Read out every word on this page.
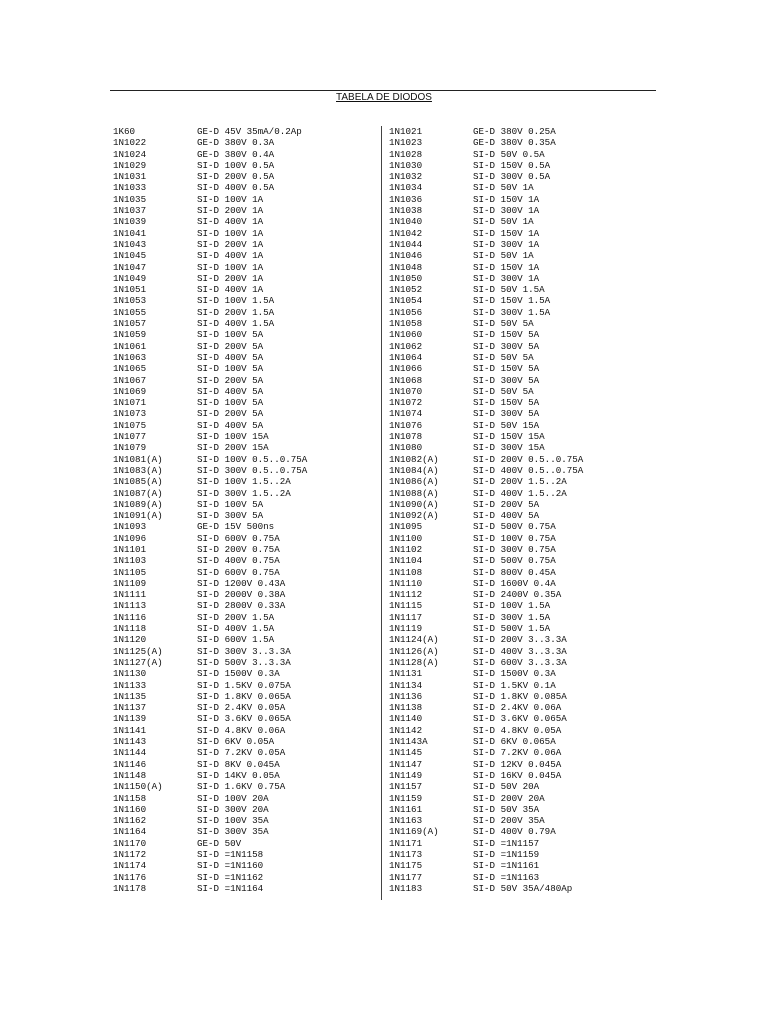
TABELA DE DIODOS
1K60	GE-D 45V 35mA/0.2Ap
1N1022	GE-D 380V 0.3A
1N1024	GE-D 380V 0.4A
1N1029	SI-D 100V 0.5A
1N1031	SI-D 200V 0.5A
1N1033	SI-D 400V 0.5A
1N1035	SI-D 100V 1A
1N1037	SI-D 200V 1A
1N1039	SI-D 400V 1A
1N1041	SI-D 100V 1A
1N1043	SI-D 200V 1A
1N1045	SI-D 400V 1A
1N1047	SI-D 100V 1A
1N1049	SI-D 200V 1A
1N1051	SI-D 400V 1A
1N1053	SI-D 100V 1.5A
1N1055	SI-D 200V 1.5A
1N1057	SI-D 400V 1.5A
1N1059	SI-D 100V 5A
1N1061	SI-D 200V 5A
1N1063	SI-D 400V 5A
1N1065	SI-D 100V 5A
1N1067	SI-D 200V 5A
1N1069	SI-D 400V 5A
1N1071	SI-D 100V 5A
1N1073	SI-D 200V 5A
1N1075	SI-D 400V 5A
1N1077	SI-D 100V 15A
1N1079	SI-D 200V 15A
1N1081(A)	SI-D 100V 0.5..0.75A
1N1083(A)	SI-D 300V 0.5..0.75A
1N1085(A)	SI-D 100V 1.5..2A
1N1087(A)	SI-D 300V 1.5..2A
1N1089(A)	SI-D 100V 5A
1N1091(A)	SI-D 300V 5A
1N1093	GE-D 15V 500ns
1N1096	SI-D 600V 0.75A
1N1101	SI-D 200V 0.75A
1N1103	SI-D 400V 0.75A
1N1105	SI-D 600V 0.75A
1N1109	SI-D 1200V 0.43A
1N1111	SI-D 2000V 0.38A
1N1113	SI-D 2800V 0.33A
1N1116	SI-D 200V 1.5A
1N1118	SI-D 400V 1.5A
1N1120	SI-D 600V 1.5A
1N1125(A)	SI-D 300V 3..3.3A
1N1127(A)	SI-D 500V 3..3.3A
1N1130	SI-D 1500V 0.3A
1N1133	SI-D 1.5KV 0.075A
1N1135	SI-D 1.8KV 0.065A
1N1137	SI-D 2.4KV 0.05A
1N1139	SI-D 3.6KV 0.065A
1N1141	SI-D 4.8KV 0.06A
1N1143	SI-D 6KV 0.05A
1N1144	SI-D 7.2KV 0.05A
1N1146	SI-D 8KV 0.045A
1N1148	SI-D 14KV 0.05A
1N1150(A)	SI-D 1.6KV 0.75A
1N1158	SI-D 100V 20A
1N1160	SI-D 300V 20A
1N1162	SI-D 100V 35A
1N1164	SI-D 300V 35A
1N1170	GE-D 50V
1N1172	SI-D =1N1158
1N1174	SI-D =1N1160
1N1176	SI-D =1N1162
1N1178	SI-D =1N1164
1N1021	GE-D 380V 0.25A
1N1023	GE-D 380V 0.35A
1N1028	SI-D 50V 0.5A
1N1030	SI-D 150V 0.5A
1N1032	SI-D 300V 0.5A
1N1034	SI-D 50V 1A
1N1036	SI-D 150V 1A
1N1038	SI-D 300V 1A
1N1040	SI-D 50V 1A
1N1042	SI-D 150V 1A
1N1044	SI-D 300V 1A
1N1046	SI-D 50V 1A
1N1048	SI-D 150V 1A
1N1050	SI-D 300V 1A
1N1052	SI-D 50V 1.5A
1N1054	SI-D 150V 1.5A
1N1056	SI-D 300V 1.5A
1N1058	SI-D 50V 5A
1N1060	SI-D 150V 5A
1N1062	SI-D 300V 5A
1N1064	SI-D 50V 5A
1N1066	SI-D 150V 5A
1N1068	SI-D 300V 5A
1N1070	SI-D 50V 5A
1N1072	SI-D 150V 5A
1N1074	SI-D 300V 5A
1N1076	SI-D 50V 15A
1N1078	SI-D 150V 15A
1N1080	SI-D 300V 15A
1N1082(A)	SI-D 200V 0.5..0.75A
1N1084(A)	SI-D 400V 0.5..0.75A
1N1086(A)	SI-D 200V 1.5..2A
1N1088(A)	SI-D 400V 1.5..2A
1N1090(A)	SI-D 200V 5A
1N1092(A)	SI-D 400V 5A
1N1095	SI-D 500V 0.75A
1N1100	SI-D 100V 0.75A
1N1102	SI-D 300V 0.75A
1N1104	SI-D 500V 0.75A
1N1108	SI-D 800V 0.45A
1N1110	SI-D 1600V 0.4A
1N1112	SI-D 2400V 0.35A
1N1115	SI-D 100V 1.5A
1N1117	SI-D 300V 1.5A
1N1119	SI-D 500V 1.5A
1N1124(A)	SI-D 200V 3..3.3A
1N1126(A)	SI-D 400V 3..3.3A
1N1128(A)	SI-D 600V 3..3.3A
1N1131	SI-D 1500V 0.3A
1N1134	SI-D 1.5KV 0.1A
1N1136	SI-D 1.8KV 0.085A
1N1138	SI-D 2.4KV 0.06A
1N1140	SI-D 3.6KV 0.065A
1N1142	SI-D 4.8KV 0.05A
1N1143A	SI-D 6KV 0.065A
1N1145	SI-D 7.2KV 0.06A
1N1147	SI-D 12KV 0.045A
1N1149	SI-D 16KV 0.045A
1N1157	SI-D 50V 20A
1N1159	SI-D 200V 20A
1N1161	SI-D 50V 35A
1N1163	SI-D 200V 35A
1N1169(A)	SI-D 400V 0.79A
1N1171	SI-D =1N1157
1N1173	SI-D =1N1159
1N1175	SI-D =1N1161
1N1177	SI-D =1N1163
1N1183	SI-D 50V 35A/480Ap
